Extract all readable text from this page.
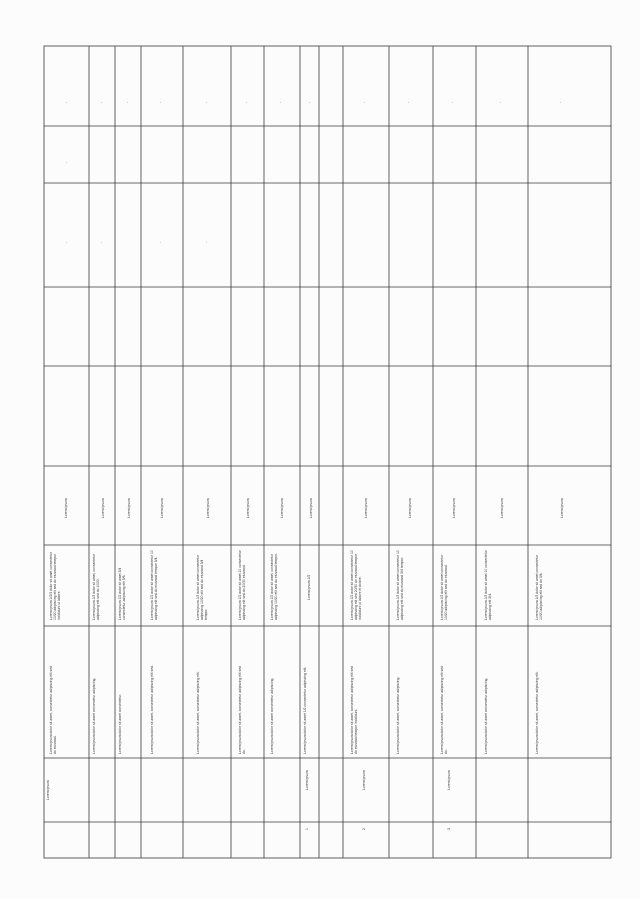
Lorem ipsum dolor sit amet, consectetur adipiscing elit sed do eiusmod.
Lorem ipsum 1/2/3 dolor sit amet consectetur 10/20 adipiscing elit sed do eiusmod tempor incididunt ut labore.
Lorem ipsum
-
-
-
Lorem ipsum dolor sit amet consectetur adipiscing.
Lorem ipsum 1/2 dolor sit amet, consectetur adipiscing elit sed do 10/20.
Lorem ipsum
-
-
Lorem ipsum dolor sit amet consectetur.
Lorem ipsum 1/2 dolor sit amet 3/4 consectetur adipiscing elit 5/6.
Lorem ipsum
-
Lorem ipsum
Lorem ipsum dolor sit amet, consectetur adipiscing elit sed.
Lorem ipsum 1/2 dolor sit amet consectetur 10 adipiscing elit sed do eiusmod tempor 3/4.
Lorem ipsum
-
-
Lorem ipsum dolor sit amet, consectetur adipiscing elit.
Lorem ipsum 1/2 dolor sit amet consectetur adipiscing 10/20 elit sed do eiusmod 3/4 tempor.
Lorem ipsum
-
-
Lorem ipsum dolor sit amet, consectetur adipiscing elit sed do.
Lorem ipsum 1/2 dolor sit amet 10 consectetur adipiscing elit sed do 20/30 eiusmod.
Lorem ipsum
-
Lorem ipsum dolor sit amet consectetur adipiscing.
Lorem ipsum 1/2 dolor sit amet, consectetur adipiscing 10/20 elit sed do eiusmod tempor.
Lorem ipsum
-
1
Lorem ipsum
Lorem ipsum dolor sit amet 1/2 consectetur adipiscing elit.
Lorem ipsum 1/2
Lorem ipsum
-
2
Lorem ipsum
Lorem ipsum dolor sit amet, consectetur adipiscing elit sed do eiusmod tempor incididunt.
Lorem ipsum 1/2 dolor sit amet consectetur 10 adipiscing elit sed 20/30 do eiusmod tempor incididunt ut labore et dolore.
Lorem ipsum
-
Lorem ipsum dolor sit amet, consectetur adipiscing.
Lorem ipsum 1/2 dolor sit amet consectetur 10 adipiscing elit sed do eiusmod 3/4 tempor.
Lorem ipsum
-
3
Lorem ipsum
Lorem ipsum dolor sit amet, consectetur adipiscing elit sed do.
Lorem ipsum 1/2 dolor sit amet consectetur 10/20 adipiscing elit sed do eiusmod.
Lorem ipsum
-
Lorem ipsum dolor sit amet consectetur adipiscing.
Lorem ipsum 1/2 dolor sit amet 10 consectetur adipiscing elit 3/4.
Lorem ipsum
-
Lorem ipsum dolor sit amet, consectetur adipiscing elit.
Lorem ipsum 1/2 dolor sit amet consectetur 10/20 adipiscing elit sed do 3/4.
Lorem ipsum
-
